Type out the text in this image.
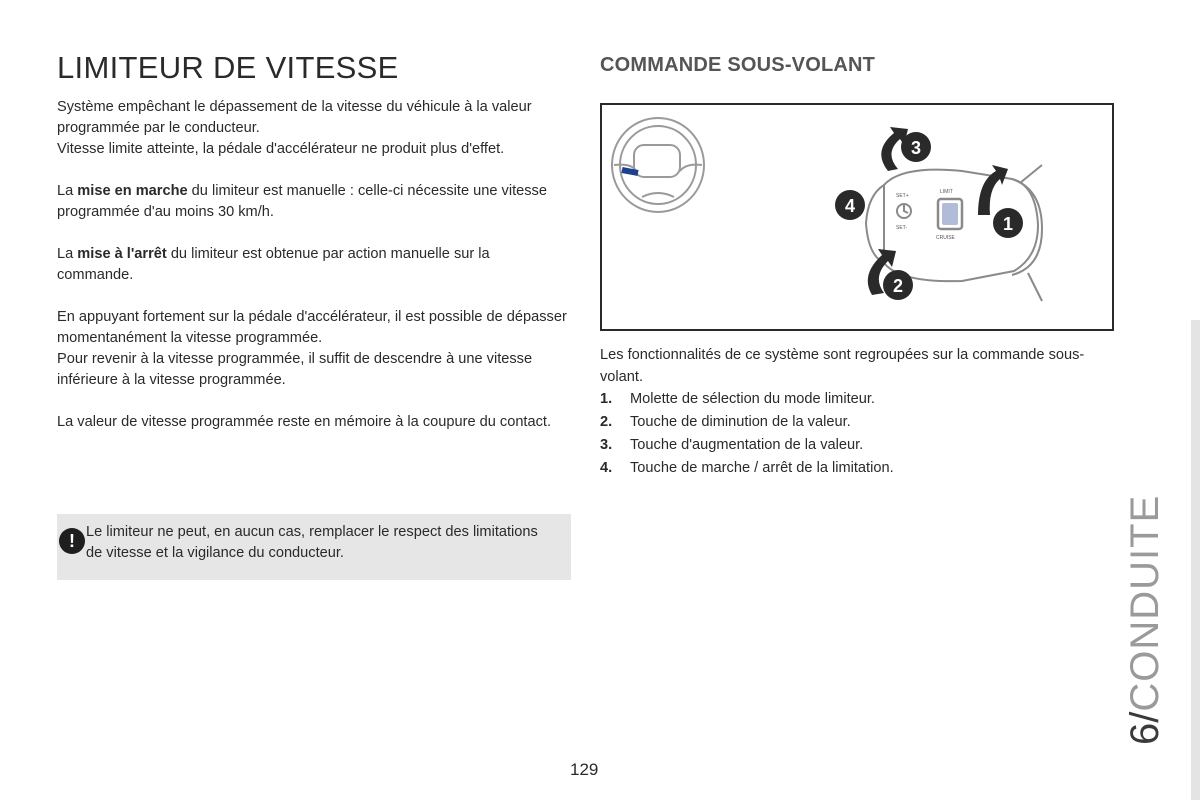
LIMITEUR DE VITESSE

Système empêchant le dépassement de la vitesse du véhicule à la valeur programmée par le conducteur.

Vitesse limite atteinte, la pédale d'accélérateur ne produit plus d'effet.

La mise en marche du limiteur est manuelle : celle-ci nécessite une vitesse programmée d'au moins 30 km/h.

La mise à l'arrêt du limiteur est obtenue par action manuelle sur la commande.

En appuyant fortement sur la pédale d'accélérateur, il est possible de dépasser momentanément la vitesse programmée.

Pour revenir à la vitesse programmée, il suffit de descendre à une vitesse inférieure à la vitesse programmée.

La valeur de vitesse programmée reste en mémoire à la coupure du contact.

! Le limiteur ne peut, en aucun cas, remplacer le respect des limitations de vitesse et la vigilance du conducteur.
COMMANDE SOUS-VOLANT
SET+
SET-
LIMIT
CRUISE
3
4
1
2

Les fonctionnalités de ce système sont regroupées sur la commande sous-volant.

1.	Molette de sélection du mode limiteur.
2.	Touche de diminution de la valeur.
3.	Touche d'augmentation de la valeur.
4.	Touche de marche / arrêt de la limitation.
6/CONDUITE
129
